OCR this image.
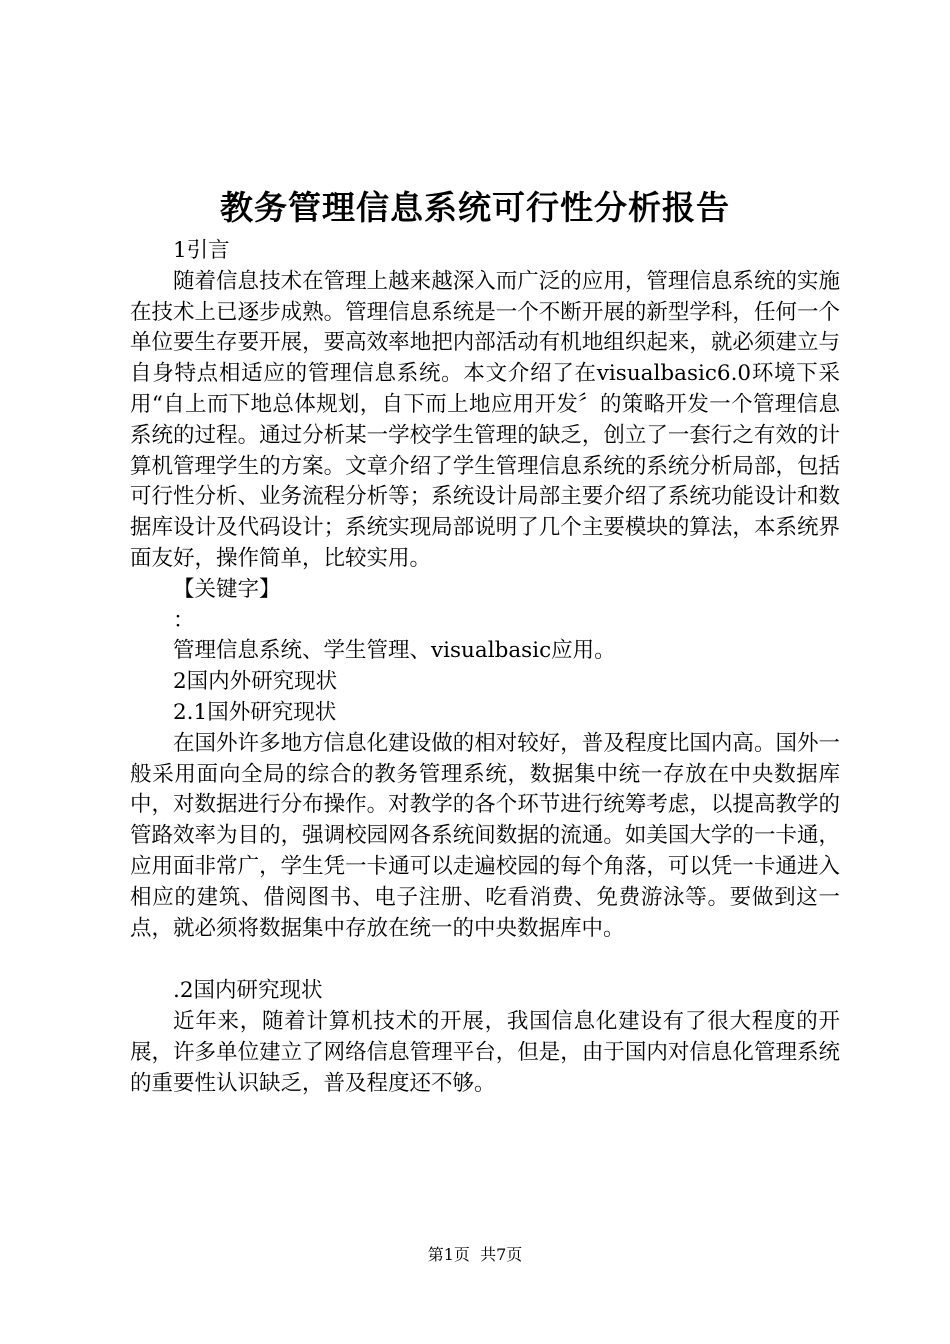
教务管理信息系统可行性分析报告

1引言

随着信息技术在管理上越来越深入而广泛的应用，管理信息系统的实施在技术上已逐步成熟。管理信息系统是一个不断开展的新型学科，任何一个单位要生存要开展，要高效率地把内部活动有机地组织起来，就必须建立与自身特点相适应的管理信息系统。本文介绍了在visualbasic6.0环境下采用“自上而下地总体规划，自下而上地应用开发〞的策略开发一个管理信息系统的过程。通过分析某一学校学生管理的缺乏，创立了一套行之有效的计算机管理学生的方案。文章介绍了学生管理信息系统的系统分析局部，包括可行性分析、业务流程分析等；系统设计局部主要介绍了系统功能设计和数据库设计及代码设计；系统实现局部说明了几个主要模块的算法，本系统界面友好，操作简单，比较实用。

【关键字】

：

管理信息系统、学生管理、visualbasic应用。

2国内外研究现状

2.1国外研究现状

在国外许多地方信息化建设做的相对较好，普及程度比国内高。国外一般采用面向全局的综合的教务管理系统，数据集中统一存放在中央数据库中，对数据进行分布操作。对教学的各个环节进行统筹考虑，以提高教学的管路效率为目的，强调校园网各系统间数据的流通。如美国大学的一卡通，应用面非常广，学生凭一卡通可以走遍校园的每个角落，可以凭一卡通进入相应的建筑、借阅图书、电子注册、吃看消费、免费游泳等。要做到这一点，就必须将数据集中存放在统一的中央数据库中。

.2国内研究现状

近年来，随着计算机技术的开展，我国信息化建设有了很大程度的开展，许多单位建立了网络信息管理平台，但是，由于国内对信息化管理系统的重要性认识缺乏，普及程度还不够。

第1页  共7页
